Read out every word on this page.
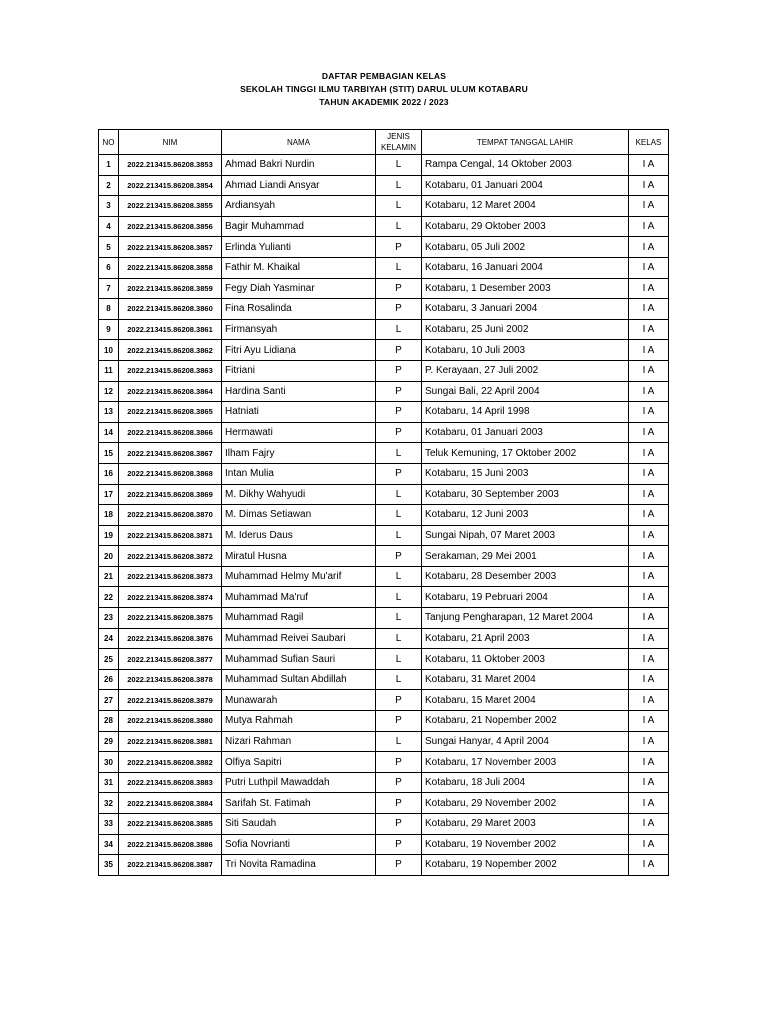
DAFTAR PEMBAGIAN KELAS
SEKOLAH TINGGI ILMU TARBIYAH (STIT) DARUL ULUM KOTABARU
TAHUN AKADEMIK 2022 / 2023
NO	NIM	NAMA	JENIS KELAMIN	TEMPAT TANGGAL LAHIR	KELAS
1	2022.213415.86208.3853	Ahmad Bakri Nurdin	L	Rampa Cengal, 14 Oktober 2003	I A
2	2022.213415.86208.3854	Ahmad Liandi Ansyar	L	Kotabaru, 01 Januari 2004	I A
3	2022.213415.86208.3855	Ardiansyah	L	Kotabaru, 12 Maret 2004	I A
4	2022.213415.86208.3856	Bagir Muhammad	L	Kotabaru, 29 Oktober 2003	I A
5	2022.213415.86208.3857	Erlinda Yulianti	P	Kotabaru, 05 Juli 2002	I A
6	2022.213415.86208.3858	Fathir M. Khaikal	L	Kotabaru, 16 Januari 2004	I A
7	2022.213415.86208.3859	Fegy Diah Yasminar	P	Kotabaru, 1 Desember 2003	I A
8	2022.213415.86208.3860	Fina Rosalinda	P	Kotabaru, 3 Januari 2004	I A
9	2022.213415.86208.3861	Firmansyah	L	Kotabaru, 25 Juni 2002	I A
10	2022.213415.86208.3862	Fitri Ayu Lidiana	P	Kotabaru, 10 Juli 2003	I A
11	2022.213415.86208.3863	Fitriani	P	P. Kerayaan, 27 Juli 2002	I A
12	2022.213415.86208.3864	Hardina Santi	P	Sungai Bali, 22 April 2004	I A
13	2022.213415.86208.3865	Hatniati	P	Kotabaru, 14 April 1998	I A
14	2022.213415.86208.3866	Hermawati	P	Kotabaru, 01 Januari 2003	I A
15	2022.213415.86208.3867	Ilham Fajry	L	Teluk Kemuning, 17 Oktober 2002	I A
16	2022.213415.86208.3868	Intan Mulia	P	Kotabaru, 15 Juni 2003	I A
17	2022.213415.86208.3869	M. Dikhy Wahyudi	L	Kotabaru, 30 September 2003	I A
18	2022.213415.86208.3870	M. Dimas Setiawan	L	Kotabaru, 12 Juni 2003	I A
19	2022.213415.86208.3871	M. Iderus Daus	L	Sungai Nipah, 07 Maret 2003	I A
20	2022.213415.86208.3872	Miratul Husna	P	Serakaman, 29 Mei 2001	I A
21	2022.213415.86208.3873	Muhammad Helmy Mu'arif	L	Kotabaru, 28 Desember 2003	I A
22	2022.213415.86208.3874	Muhammad Ma'ruf	L	Kotabaru, 19 Pebruari 2004	I A
23	2022.213415.86208.3875	Muhammad Ragil	L	Tanjung Pengharapan, 12 Maret 2004	I A
24	2022.213415.86208.3876	Muhammad Reivei Saubari	L	Kotabaru, 21 April 2003	I A
25	2022.213415.86208.3877	Muhammad Sufian Sauri	L	Kotabaru, 11 Oktober 2003	I A
26	2022.213415.86208.3878	Muhammad Sultan Abdillah	L	Kotabaru, 31 Maret 2004	I A
27	2022.213415.86208.3879	Munawarah	P	Kotabaru, 15 Maret 2004	I A
28	2022.213415.86208.3880	Mutya Rahmah	P	Kotabaru, 21 Nopember 2002	I A
29	2022.213415.86208.3881	Nizari Rahman	L	Sungai Hanyar, 4 April 2004	I A
30	2022.213415.86208.3882	Olfiya Sapitri	P	Kotabaru, 17 November 2003	I A
31	2022.213415.86208.3883	Putri Luthpil Mawaddah	P	Kotabaru, 18 Juli 2004	I A
32	2022.213415.86208.3884	Sarifah St. Fatimah	P	Kotabaru, 29 November 2002	I A
33	2022.213415.86208.3885	Siti Saudah	P	Kotabaru, 29 Maret 2003	I A
34	2022.213415.86208.3886	Sofia Novrianti	P	Kotabaru, 19 November 2002	I A
35	2022.213415.86208.3887	Tri Novita Ramadina	P	Kotabaru, 19 Nopember 2002	I A
